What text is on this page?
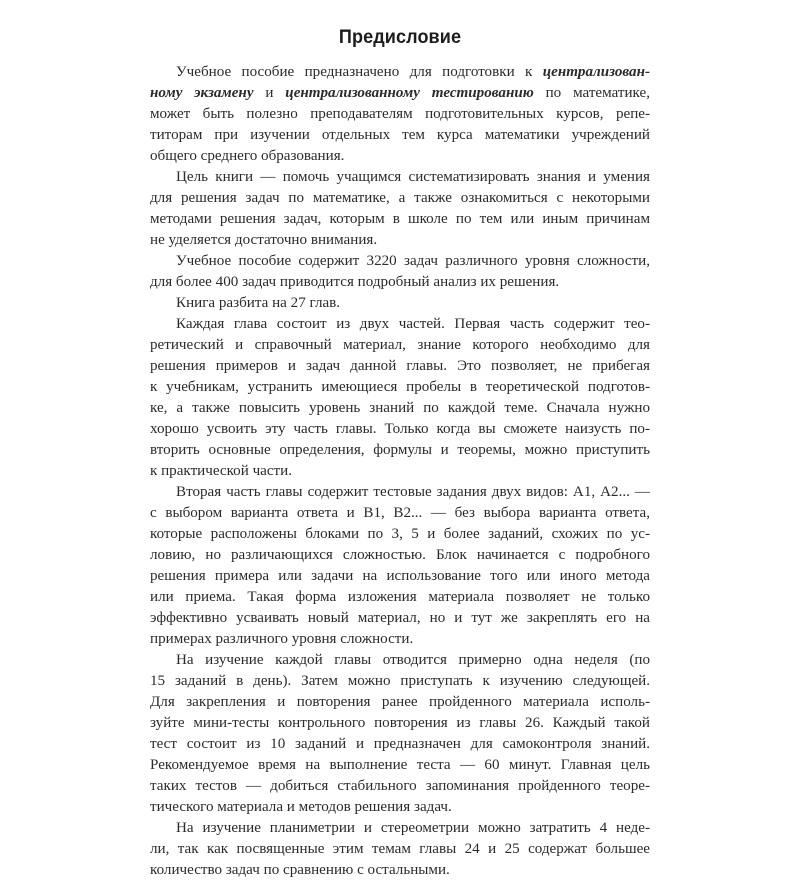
Предисловие

Учебное пособие предназначено для подготовки к централизован-
ному экзамену и централизованному тестированию по математике,
может быть полезно преподавателям подготовительных курсов, репе-
титорам при изучении отдельных тем курса математики учреждений
общего среднего образования.

Цель книги — помочь учащимся систематизировать знания и умения
для решения задач по математике, а также ознакомиться с некоторыми
методами решения задач, которым в школе по тем или иным причинам
не уделяется достаточно внимания.

Учебное пособие содержит 3220 задач различного уровня сложности,
для более 400 задач приводится подробный анализ их решения.

Книга разбита на 27 глав.

Каждая глава состоит из двух частей. Первая часть содержит тео-
ретический и справочный материал, знание которого необходимо для
решения примеров и задач данной главы. Это позволяет, не прибегая
к учебникам, устранить имеющиеся пробелы в теоретической подготов-
ке, а также повысить уровень знаний по каждой теме. Сначала нужно
хорошо усвоить эту часть главы. Только когда вы сможете наизусть по-
вторить основные определения, формулы и теоремы, можно приступить
к практической части.

Вторая часть главы содержит тестовые задания двух видов: А1, А2... —
с выбором варианта ответа и В1, В2... — без выбора варианта ответа,
которые расположены блоками по 3, 5 и более заданий, схожих по ус-
ловию, но различающихся сложностью. Блок начинается с подробного
решения примера или задачи на использование того или иного метода
или приема. Такая форма изложения материала позволяет не только
эффективно усваивать новый материал, но и тут же закреплять его на
примерах различного уровня сложности.

На изучение каждой главы отводится примерно одна неделя (по
15 заданий в день). Затем можно приступать к изучению следующей.
Для закрепления и повторения ранее пройденного материала исполь-
зуйте мини-тесты контрольного повторения из главы 26. Каждый такой
тест состоит из 10 заданий и предназначен для самоконтроля знаний.
Рекомендуемое время на выполнение теста — 60 минут. Главная цель
таких тестов — добиться стабильного запоминания пройденного теоре-
тического материала и методов решения задач.

На изучение планиметрии и стереометрии можно затратить 4 неде-
ли, так как посвященные этим темам главы 24 и 25 содержат большее
количество задач по сравнению с остальными.
